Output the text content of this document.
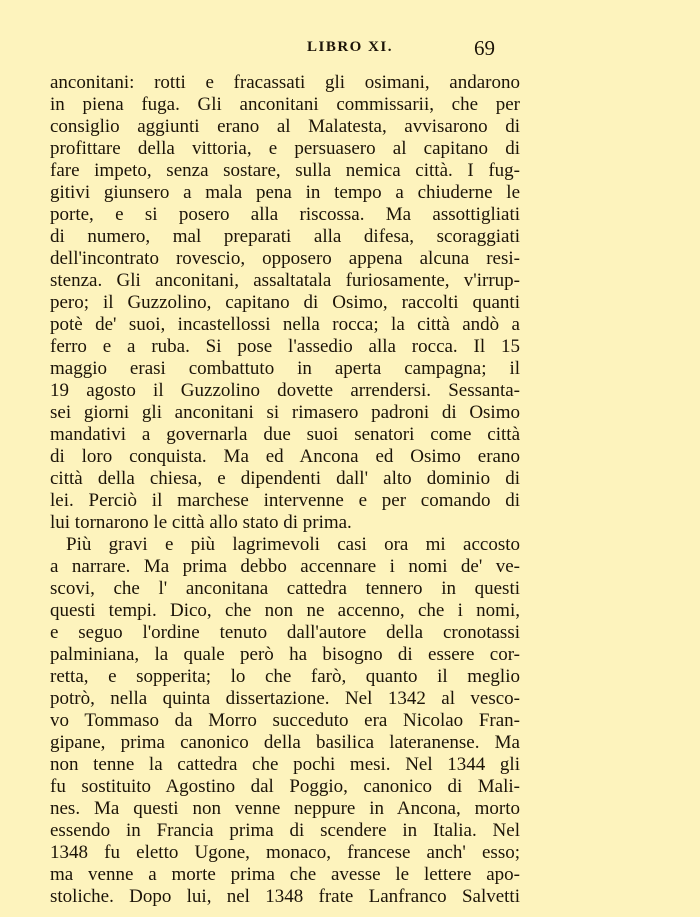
LIBRO XI.	69
anconitani: rotti e fracassati gli osimani, andarono
in piena fuga. Gli anconitani commissarii, che per
consiglio aggiunti erano al Malatesta, avvisarono di
profittare della vittoria, e persuasero al capitano di
fare impeto, senza sostare, sulla nemica città. I fug-
gitivi giunsero a mala pena in tempo a chiuderne le
porte, e si posero alla riscossa. Ma assottigliati
di numero, mal preparati alla difesa, scoraggiati
dell'incontrato rovescio, opposero appena alcuna resi-
stenza. Gli anconitani, assaltatala furiosamente, v'irrup-
pero; il Guzzolino, capitano di Osimo, raccolti quanti
potè de' suoi, incastellossi nella rocca; la città andò a
ferro e a ruba. Si pose l'assedio alla rocca. Il 15
maggio erasi combattuto in aperta campagna; il
19 agosto il Guzzolino dovette arrendersi. Sessanta-
sei giorni gli anconitani si rimasero padroni di Osimo
mandativi a governarla due suoi senatori come città
di loro conquista. Ma ed Ancona ed Osimo erano
città della chiesa, e dipendenti dall' alto dominio di
lei. Perciò il marchese intervenne e per comando di
lui tornarono le città allo stato di prima.
Più gravi e più lagrimevoli casi ora mi accosto
a narrare. Ma prima debbo accennare i nomi de' ve-
scovi, che l' anconitana cattedra tennero in questi
questi tempi. Dico, che non ne accenno, che i nomi,
e seguo l'ordine tenuto dall'autore della cronotassi
palminiana, la quale però ha bisogno di essere cor-
retta, e sopperita; lo che farò, quanto il meglio
potrò, nella quinta dissertazione. Nel 1342 al vesco-
vo Tommaso da Morro succeduto era Nicolao Fran-
gipane, prima canonico della basilica lateranense. Ma
non tenne la cattedra che pochi mesi. Nel 1344 gli
fu sostituito Agostino dal Poggio, canonico di Mali-
nes. Ma questi non venne neppure in Ancona, morto
essendo in Francia prima di scendere in Italia. Nel
1348 fu eletto Ugone, monaco, francese anch' esso;
ma venne a morte prima che avesse le lettere apo-
stoliche. Dopo lui, nel 1348 frate Lanfranco Salvetti
